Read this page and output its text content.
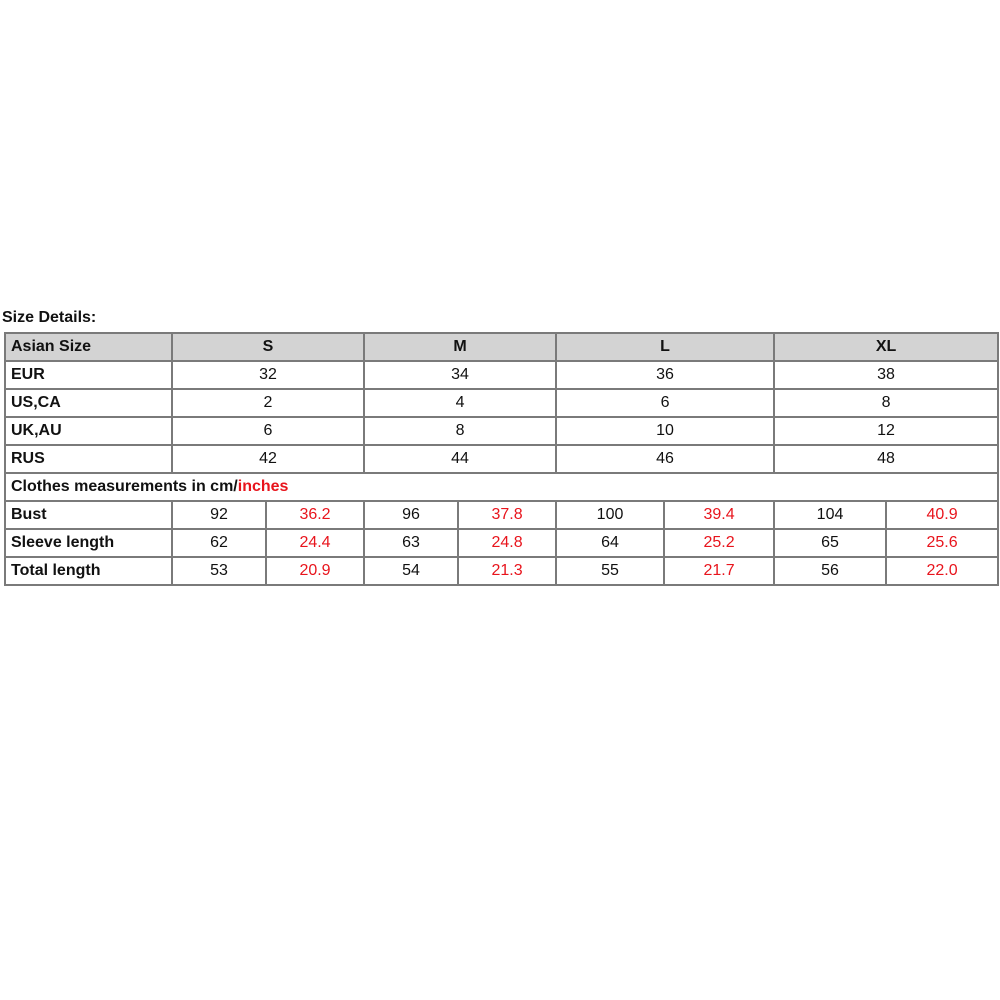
Size Details:
Asian Size	S		M		L		XL	
EUR	32		34		36		38	
US,CA	2		4		6		8	
UK,AU	6		8		10		12	
RUS	42		44		46		48	
Clothes measurements in cm/inches								
Bust	92	36.2	96	37.8	100	39.4	104	40.9
Sleeve length	62	24.4	63	24.8	64	25.2	65	25.6
Total length	53	20.9	54	21.3	55	21.7	56	22.0
